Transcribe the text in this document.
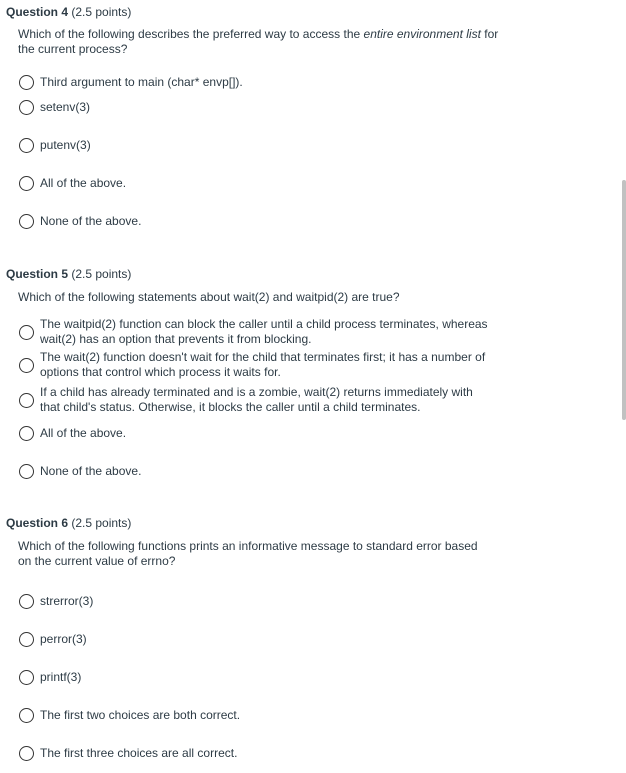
Question 4 (2.5 points)
Which of the following describes the preferred way to access the entire environment list for the current process?
Third argument to main (char* envp[]).
setenv(3)
putenv(3)
All of the above.
None of the above.
Question 5 (2.5 points)
Which of the following statements about wait(2) and waitpid(2) are true?
The waitpid(2) function can block the caller until a child process terminates, whereas wait(2) has an option that prevents it from blocking.
The wait(2) function doesn't wait for the child that terminates first; it has a number of options that control which process it waits for.
If a child has already terminated and is a zombie, wait(2) returns immediately with that child's status. Otherwise, it blocks the caller until a child terminates.
All of the above.
None of the above.
Question 6 (2.5 points)
Which of the following functions prints an informative message to standard error based on the current value of errno?
strerror(3)
perror(3)
printf(3)
The first two choices are both correct.
The first three choices are all correct.
